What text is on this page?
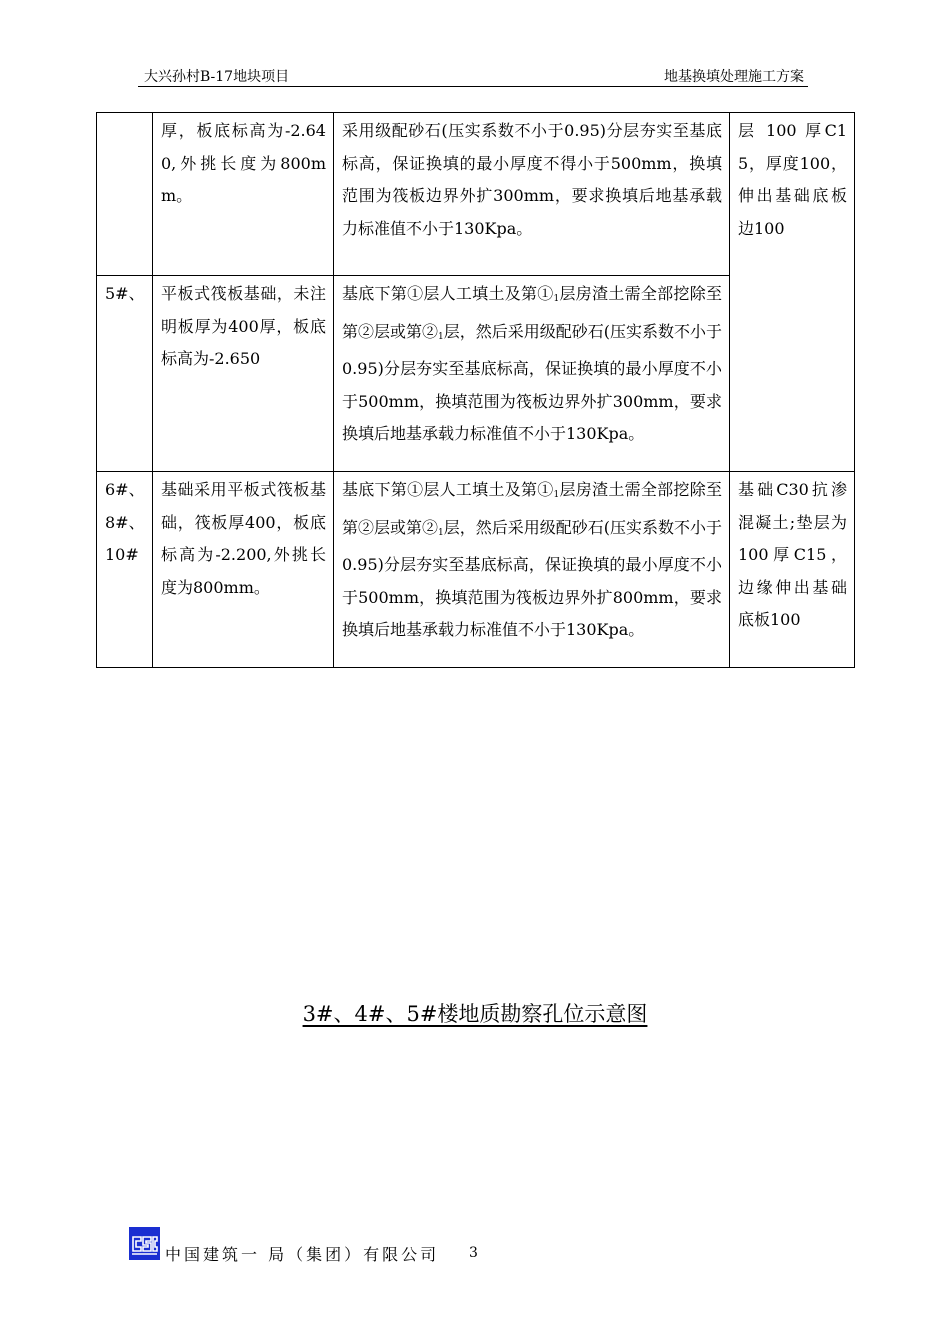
大兴孙村B-17地块项目	地基换填处理施工方案
	厚，板底标高为-2.640,外挑长度为800mm。	采用级配砂石(压实系数不小于0.95)分层夯实至基底标高，保证换填的最小厚度不得小于500mm，换填范围为筏板边界外扩300mm，要求换填后地基承载力标准值不小于130Kpa。	层 100 厚C15，厚度100，伸出基础底板边100
5#、	平板式筏板基础，未注明板厚为400厚，板底标高为-2.650	基底下第①层人工填土及第$①_1$层房渣土需全部挖除至第②层或第$②_1$层，然后采用级配砂石(压实系数不小于0.95)分层夯实至基底标高，保证换填的最小厚度不小于500mm，换填范围为筏板边界外扩300mm，要求换填后地基承载力标准值不小于130Kpa。	

6#、
8#、
10#	基础采用平板式筏板基础，筏板厚400，板底标高为-2.200,外挑长度为800mm。	基底下第①层人工填土及第$①_1$层房渣土需全部挖除至第②层或第$②_1$层，然后采用级配砂石(压实系数不小于0.95)分层夯实至基底标高，保证换填的最小厚度不小于500mm，换填范围为筏板边界外扩800mm，要求换填后地基承载力标准值不小于130Kpa。	基础C30抗渗混凝土;垫层为100厚C15，边缘伸出基础底板100
3#、4#、5#楼地质勘察孔位示意图
中国建筑一 局（集团）有限公司 3
